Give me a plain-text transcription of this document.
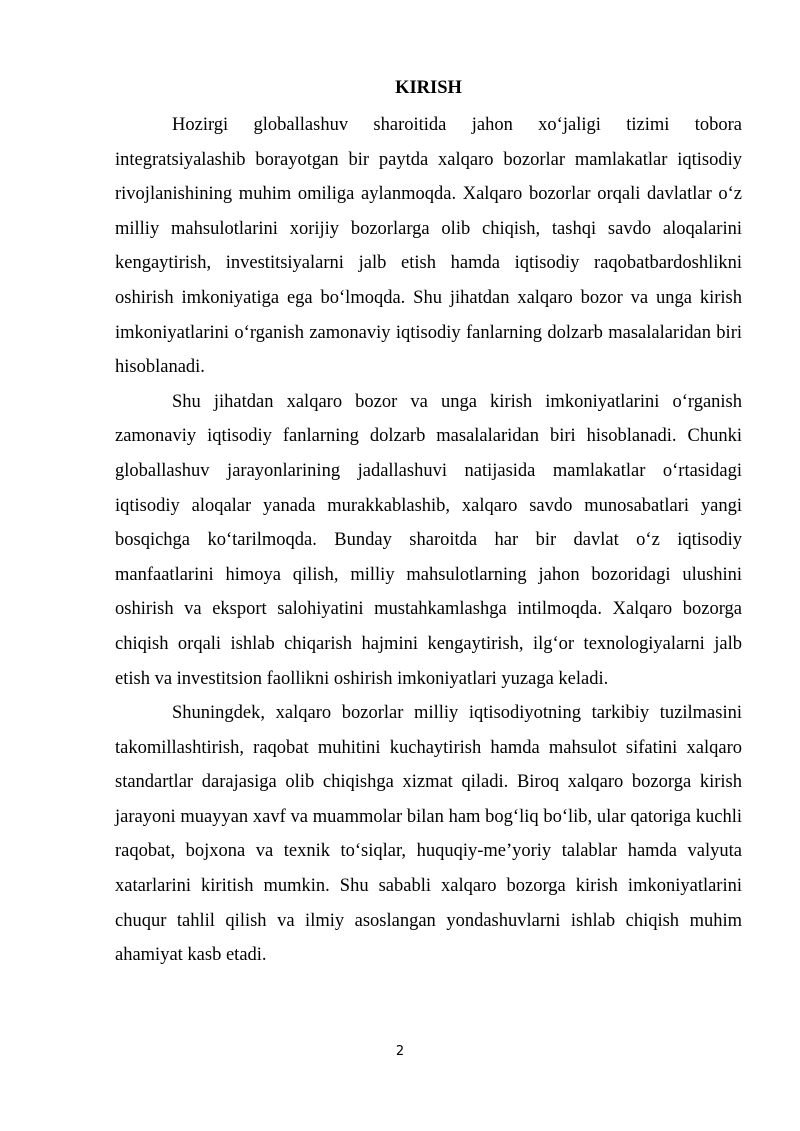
KIRISH

Hozirgi globallashuv sharoitida jahon xo‘jaligi tizimi tobora integratsiyalashib borayotgan bir paytda xalqaro bozorlar mamlakatlar iqtisodiy rivojlanishining muhim omiliga aylanmoqda. Xalqaro bozorlar orqali davlatlar o‘z milliy mahsulotlarini xorijiy bozorlarga olib chiqish, tashqi savdo aloqalarini kengaytirish, investitsiyalarni jalb etish hamda iqtisodiy raqobatbardoshlikni oshirish imkoniyatiga ega bo‘lmoqda. Shu jihatdan xalqaro bozor va unga kirish imkoniyatlarini o‘rganish zamonaviy iqtisodiy fanlarning dolzarb masalalaridan biri hisoblanadi.

Shu jihatdan xalqaro bozor va unga kirish imkoniyatlarini o‘rganish zamonaviy iqtisodiy fanlarning dolzarb masalalaridan biri hisoblanadi. Chunki globallashuv jarayonlarining jadallashuvi natijasida mamlakatlar o‘rtasidagi iqtisodiy aloqalar yanada murakkablashib, xalqaro savdo munosabatlari yangi bosqichga ko‘tarilmoqda. Bunday sharoitda har bir davlat o‘z iqtisodiy manfaatlarini himoya qilish, milliy mahsulotlarning jahon bozoridagi ulushini oshirish va eksport salohiyatini mustahkamlashga intilmoqda. Xalqaro bozorga chiqish orqali ishlab chiqarish hajmini kengaytirish, ilg‘or texnologiyalarni jalb etish va investitsion faollikni oshirish imkoniyatlari yuzaga keladi.

Shuningdek, xalqaro bozorlar milliy iqtisodiyotning tarkibiy tuzilmasini takomillashtirish, raqobat muhitini kuchaytirish hamda mahsulot sifatini xalqaro standartlar darajasiga olib chiqishga xizmat qiladi. Biroq xalqaro bozorga kirish jarayoni muayyan xavf va muammolar bilan ham bog‘liq bo‘lib, ular qatoriga kuchli raqobat, bojxona va texnik to‘siqlar, huquqiy-me’yoriy talablar hamda valyuta xatarlarini kiritish mumkin. Shu sababli xalqaro bozorga kirish imkoniyatlarini chuqur tahlil qilish va ilmiy asoslangan yondashuvlarni ishlab chiqish muhim ahamiyat kasb etadi.

2
